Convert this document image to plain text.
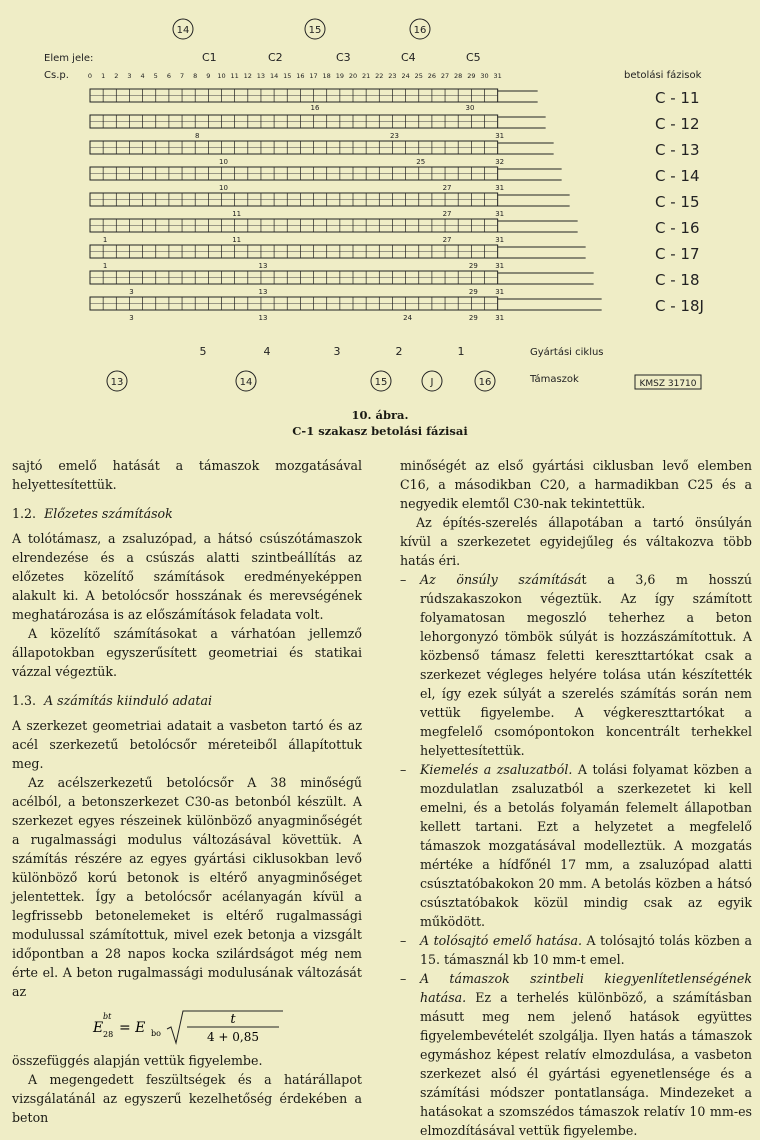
14	15	16
Elem jele:
Cs.p.
C1	C2	C3	C4	C5
0 1 2 3 4 5 6 7 8 9 10 11 12 13 14 15 16 17 18 19 20 21 22 23 24 25 26 27 28 29 30 31	betolási fázisok
C - 11
16	30
C - 12
8	23	31
C - 13
10	25	32
C - 14
10	27	31
C - 15
11	27	31
C - 16
1	11	27	31
C - 17
1	13	29 31
C - 18
3	13	29 31
C - 18J
3	13	29
24	31
5	4	3	2	1	Gyártási ciklus
13	14	15	J	16	Támaszok	KMSZ 31710
10. ábra.
C-1 szakasz betolási fázisai

sajtó emelő hatását a támaszok mozgatásával helyettesítettük.

1.2. Előzetes számítások

A tolótámasz, a zsaluzópad, a hátsó csúszótámaszok elrendezése és a csúszás alatti szintbeállítás az előzetes közelítő számítások eredményeképpen alakult ki. A betolócsőr hosszának és merevségének meghatározása is az előszámítások feladata volt.

A közelítő számításokat a várhatóan jellemző állapotokban egyszerűsített geometriai és statikai vázzal végeztük.

1.3. A számítás kiinduló adatai

A szerkezet geometriai adatait a vasbeton tartó és az acél szerkezetű betolócsőr méreteiből állapítottuk meg.

Az acélszerkezetű betolócsőr A 38 minőségű acélból, a betonszerkezet C30-as betonból készült. A szerkezet egyes részeinek különböző anyagminőségét a rugalmassági modulus változásával követtük. A számítás részére az egyes gyártási ciklusokban levő különböző korú betonok is eltérő anyagminőséget jelentettek. Így a betolócsőr acélanyagán kívül a legfrissebb betonelemeket is eltérő rugalmassági modulussal számítottuk, mivel ezek betonja a vizsgált időpontban a 28 napos kocka szilárdságot még nem érte el. A beton rugalmassági modulusának változását az

E
bt
28 = E bo
t
4 + 0,85

összefüggés alapján vettük figyelembe.

A megengedett feszültségek és a határállapot vizsgálatánál az egyszerű kezelhetőség érdekében a beton

minőségét az első gyártási ciklusban levő elemben C16, a másodikban C20, a harmadikban C25 és a negyedik elemtől C30-nak tekintettük.

Az építés-szerelés állapotában a tartó önsúlyán kívül a szerkezetet egyidejűleg és váltakozva több hatás éri.

– Az önsúly számítását a 3,6 m hosszú rúdszakaszokon végeztük. Az így számított folyamatosan megoszló teherhez a beton lehorgonyzó tömbök súlyát is hozzászámítottuk. A közbenső támasz feletti kereszttartókat csak a szerkezet végleges helyére tolása után készítették el, így ezek súlyát a szerelés számítás során nem vettük figyelembe. A végkereszttartókat a megfelelő csomópontokon koncentrált terhekkel helyettesítettük.
– Kiemelés a zsaluzatból. A tolási folyamat közben a mozdulatlan zsaluzatból a szerkezetet ki kell emelni, és a betolás folyamán felemelt állapotban kellett tartani. Ezt a helyzetet a megfelelő támaszok mozgatásával modelleztük. A mozgatás mértéke a hídfőnél 17 mm, a zsaluzópad alatti csúsztatóbakokon 20 mm. A betolás közben a hátsó csúsztatóbakok közül mindig csak az egyik működött.
– A tolósajtó emelő hatása. A tolósajtó tolás közben a 15. támasznál kb 10 mm-t emel.
– A támaszok szintbeli kiegyenlítetlenségének hatása. Ez a terhelés különböző, a számításban másutt meg nem jelenő hatások együttes figyelembevételét szolgálja. Ilyen hatás a támaszok egymáshoz képest relatív elmozdulása, a vasbeton szerkezet alsó él gyártási egyenetlensége és a számítási módszer pontatlansága. Mindezeket a hatásokat a szomszédos támaszok relatív 10 mm-es elmozdításával vettük figyelembe.
